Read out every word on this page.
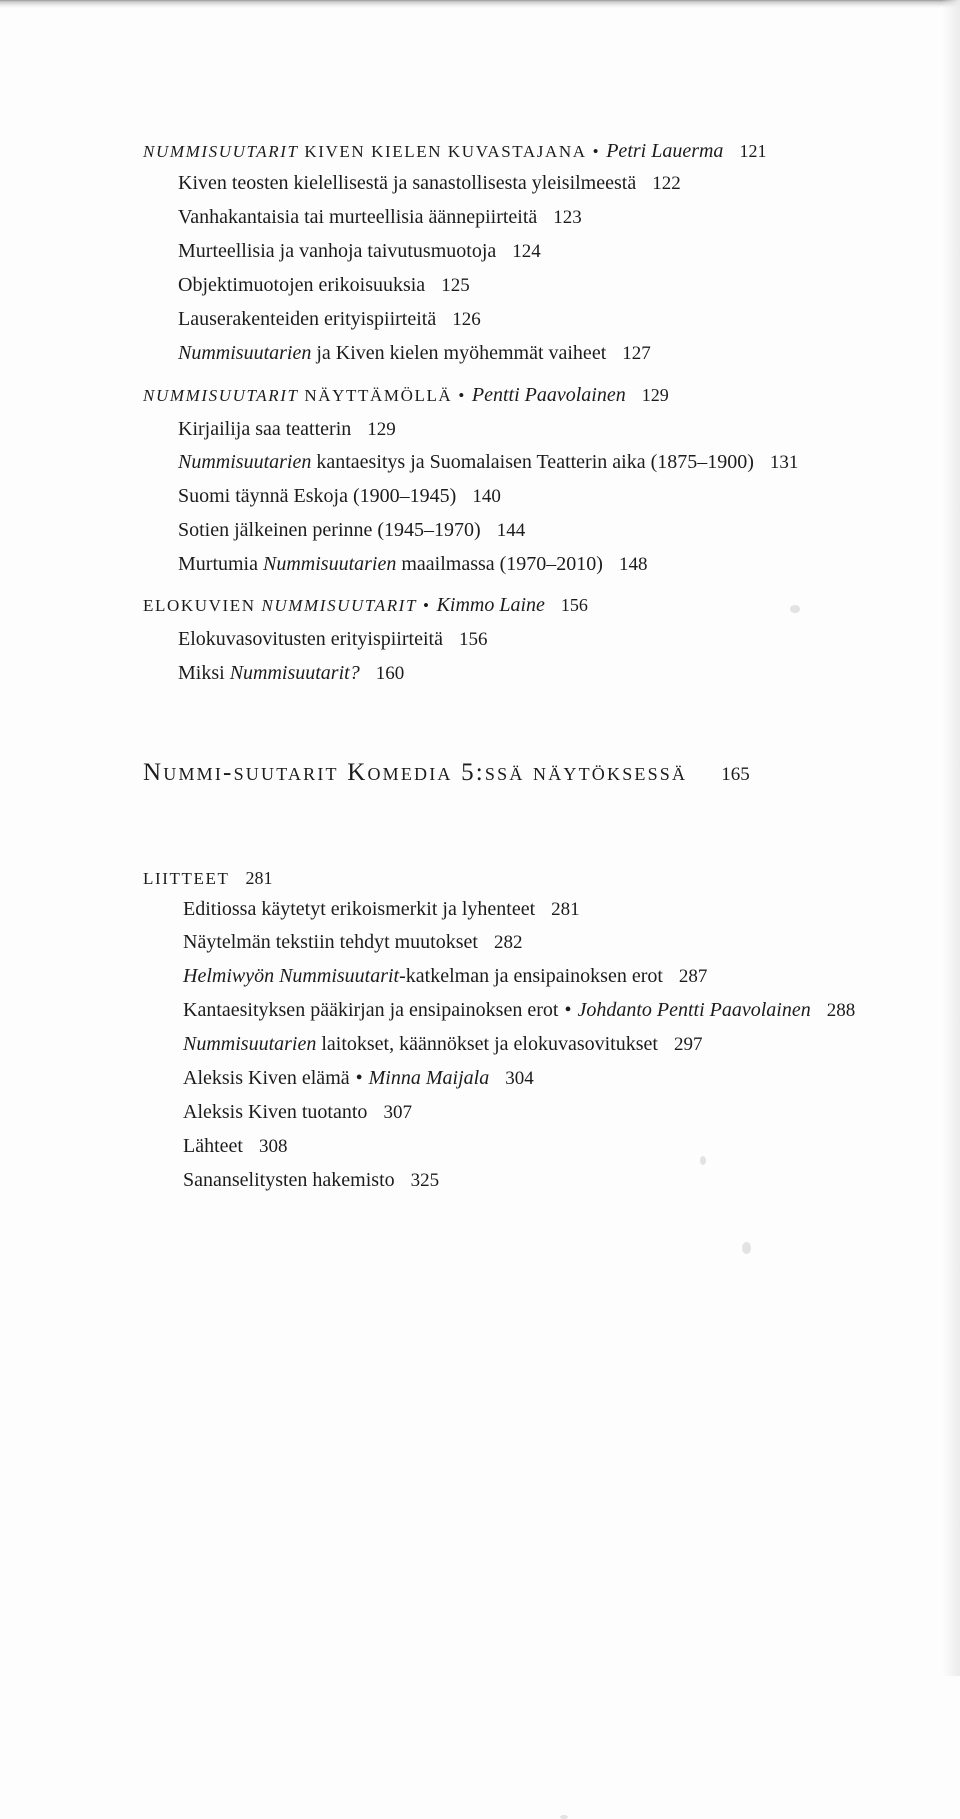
NUMMISUUTARIT KIVEN KIELEN KUVASTAJANA • Petri Lauerma 121
Kiven teosten kielellisestä ja sanastollisesta yleisilmeestä 122
Vanhakantaisia tai murteellisia äännepiirteitä 123
Murteellisia ja vanhoja taivutusmuotoja 124
Objektimuotojen erikoisuuksia 125
Lauserakenteiden erityispiirteitä 126
Nummisuutarien ja Kiven kielen myöhemmät vaiheet 127
NUMMISUUTARIT NÄYTTÄMÖLLÄ • Pentti Paavolainen 129
Kirjailija saa teatterin 129
Nummisuutarien kantaesitys ja Suomalaisen Teatterin aika (1875–1900) 131
Suomi täynnä Eskoja (1900–1945) 140
Sotien jälkeinen perinne (1945–1970) 144
Murtumia Nummisuutarien maailmassa (1970–2010) 148
ELOKUVIEN NUMMISUUTARIT • Kimmo Laine 156
Elokuvasovitusten erityispiirteitä 156
Miksi Nummisuutarit? 160
Nummi-suutarit Komedia 5:ssä näytöksessä 165
LIITTEET 281
Editiossa käytetyt erikoismerkit ja lyhenteet 281
Näytelmän tekstiin tehdyt muutokset 282
Helmiwyön Nummisuutarit-katkelman ja ensipainoksen erot 287
Kantaesityksen pääkirjan ja ensipainoksen erot • Johdanto Pentti Paavolainen 288
Nummisuutarien laitokset, käännökset ja elokuvasovitukset 297
Aleksis Kiven elämä • Minna Maijala 304
Aleksis Kiven tuotanto 307
Lähteet 308
Sananselitysten hakemisto 325
